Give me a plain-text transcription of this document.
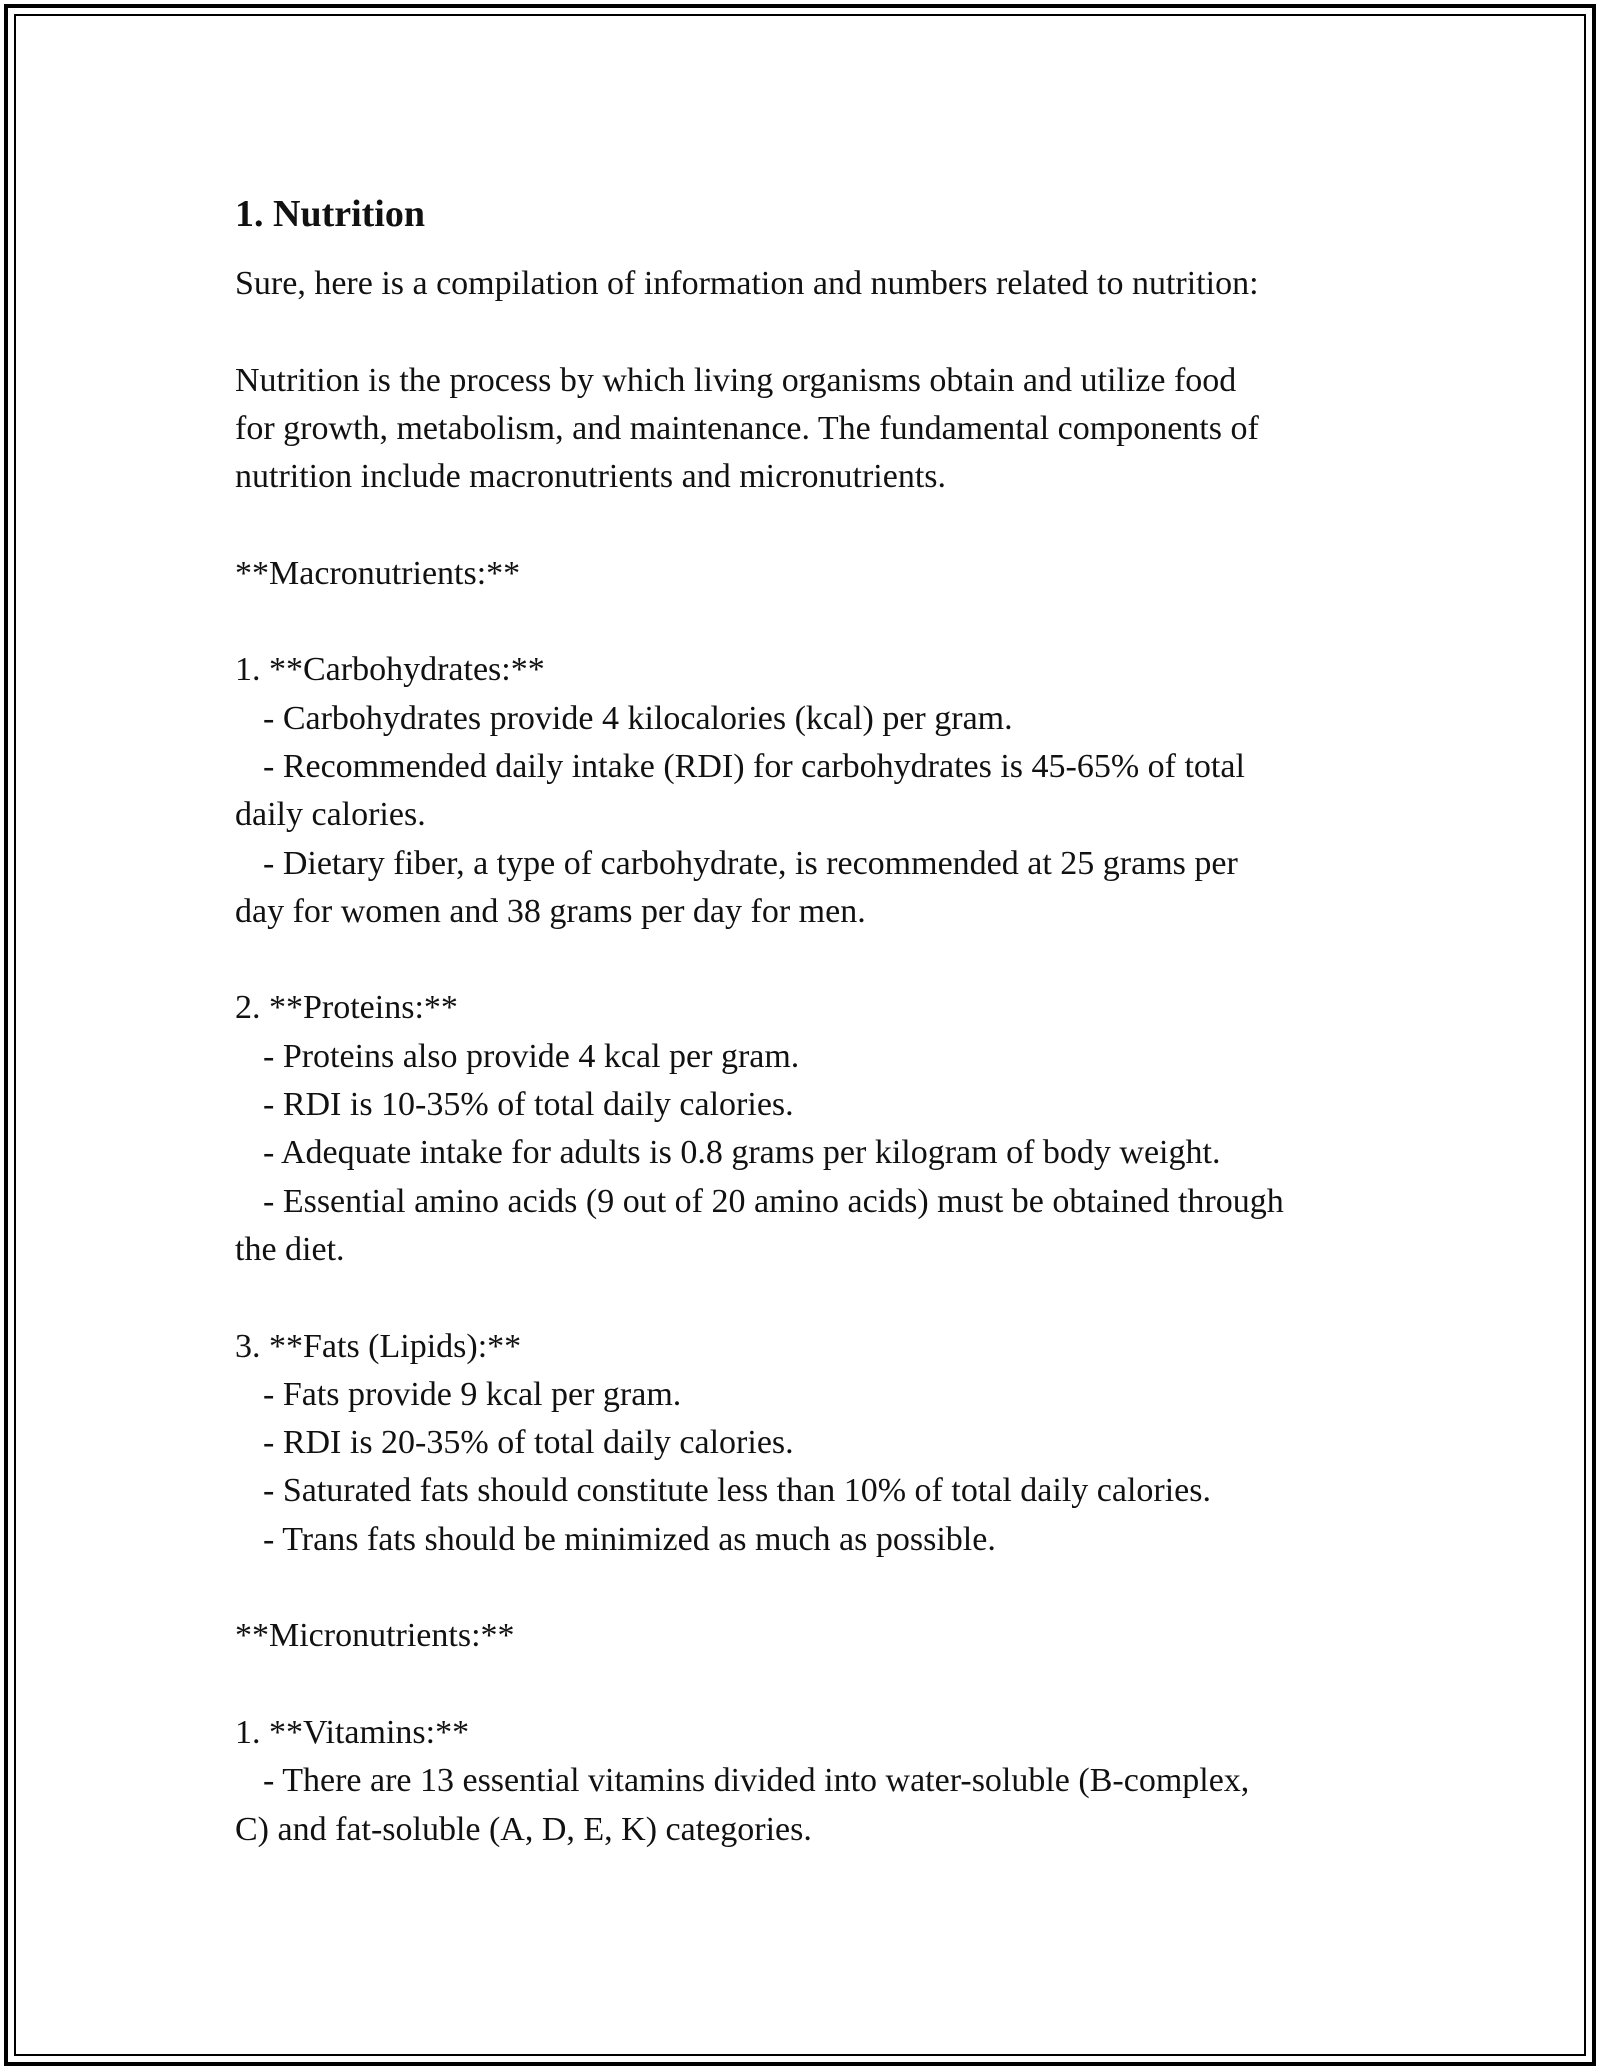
1. Nutrition
Sure, here is a compilation of information and numbers related to nutrition:
Nutrition is the process by which living organisms obtain and utilize food
for growth, metabolism, and maintenance. The fundamental components of
nutrition include macronutrients and micronutrients.
**Macronutrients:**
1. **Carbohydrates:**
- Carbohydrates provide 4 kilocalories (kcal) per gram.
- Recommended daily intake (RDI) for carbohydrates is 45-65% of total
daily calories.
- Dietary fiber, a type of carbohydrate, is recommended at 25 grams per
day for women and 38 grams per day for men.
2. **Proteins:**
- Proteins also provide 4 kcal per gram.
- RDI is 10-35% of total daily calories.
- Adequate intake for adults is 0.8 grams per kilogram of body weight.
- Essential amino acids (9 out of 20 amino acids) must be obtained through
the diet.
3. **Fats (Lipids):**
- Fats provide 9 kcal per gram.
- RDI is 20-35% of total daily calories.
- Saturated fats should constitute less than 10% of total daily calories.
- Trans fats should be minimized as much as possible.
**Micronutrients:**
1. **Vitamins:**
- There are 13 essential vitamins divided into water-soluble (B-complex,
C) and fat-soluble (A, D, E, K) categories.
